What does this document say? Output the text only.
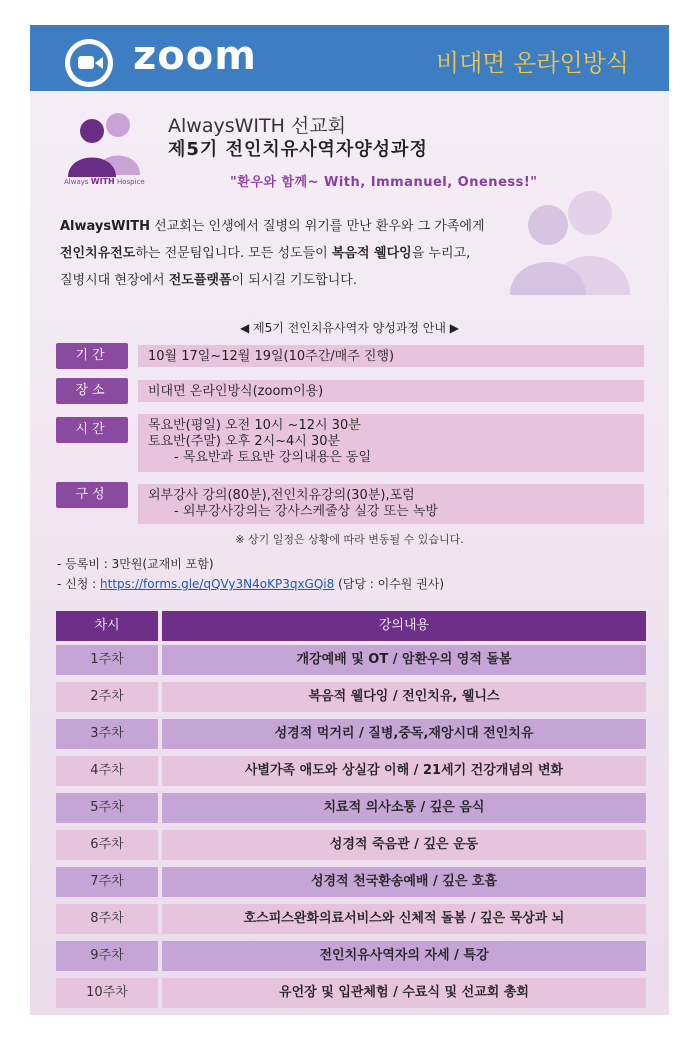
zoom	비대면 온라인방식
Always WITH Hospice
AlwaysWITH 선교회
제5기 전인치유사역자양성과정
"환우와 함께~ With, Immanuel, Oneness!"
AlwaysWITH 선교회는 인생에서 질병의 위기를 만난 환우와 그 가족에게
전인치유전도하는 전문팀입니다. 모든 성도들이 복음적 웰다잉을 누리고,
질병시대 현장에서 전도플랫폼이 되시길 기도합니다.
◀ 제5기 전인치유사역자 양성과정 안내 ▶
기간	10월 17일~12월 19일(10주간/매주 진행)
장소	비대면 온라인방식(zoom이용)
시간	목요반(평일) 오전 10시 ~12시 30분
토요반(주말) 오후 2시~4시 30분
- 목요반과 토요반 강의내용은 동일
구성	외부강사 강의(80분),전인치유강의(30분),포럼
- 외부강사강의는 강사스케줄상 실강 또는 녹방
※ 상기 일정은 상황에 따라 변동될 수 있습니다.
- 등록비 : 3만원(교재비 포함)
- 신청 : https://forms.gle/qQVy3N4oKP3qxGQi8 (담당 : 이수원 권사)
차시	강의내용
1주차	개강예배 및 OT / 암환우의 영적 돌봄
2주차	복음적 웰다잉 / 전인치유, 웰니스
3주차	성경적 먹거리 / 질병,중독,재앙시대 전인치유
4주차	사별가족 애도와 상실감 이해 / 21세기 건강개념의 변화
5주차	치료적 의사소통 / 깊은 음식
6주차	성경적 죽음관 / 깊은 운동
7주차	성경적 천국환송예배 / 깊은 호흡
8주차	호스피스완화의료서비스와 신체적 돌봄 / 깊은 묵상과 뇌
9주차	전인치유사역자의 자세 / 특강
10주차	유언장 및 입관체험 / 수료식 및 선교회 총회
